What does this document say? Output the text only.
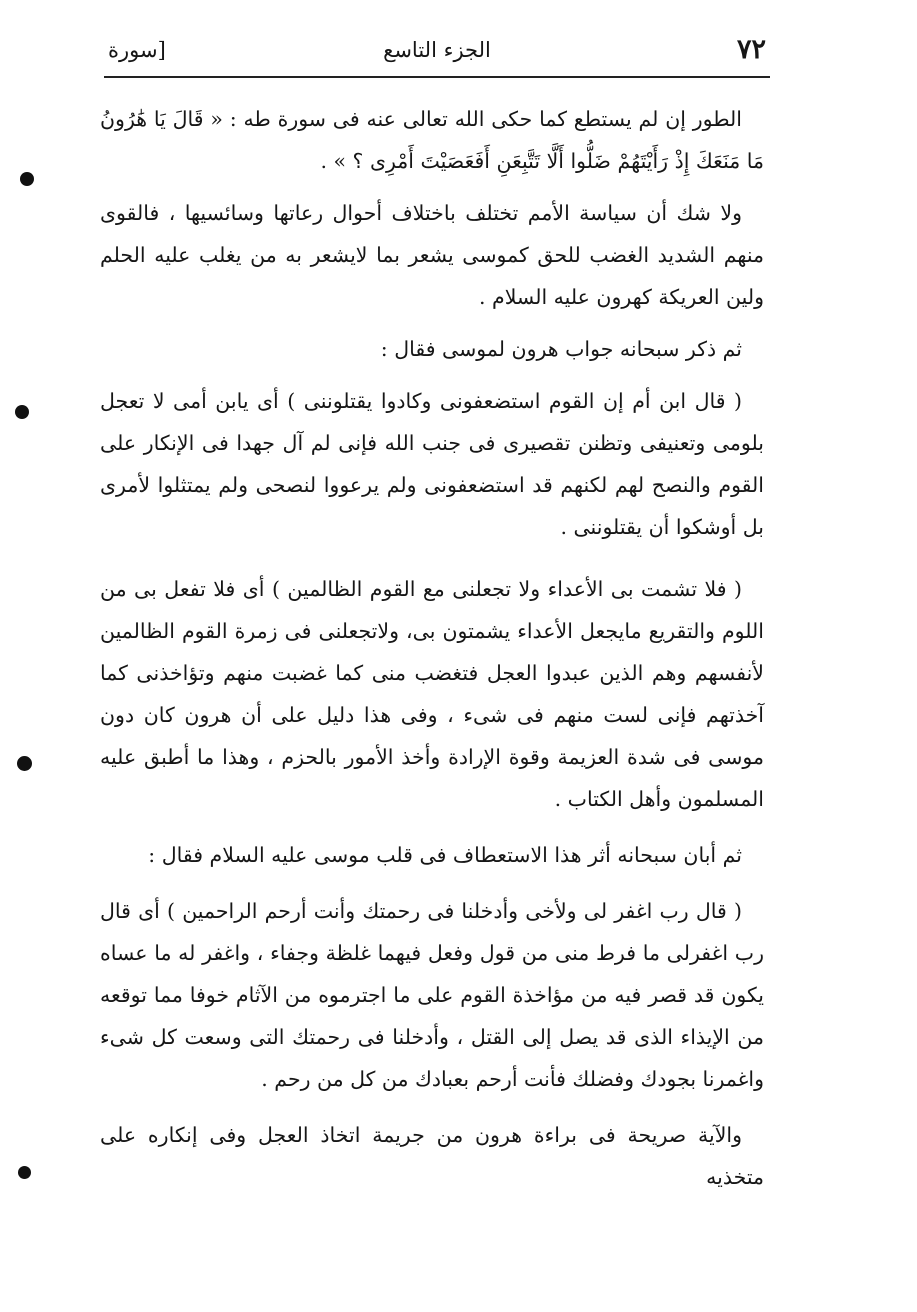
٧٢
الجزء التاسع
[سورة

الطور إن لم يستطع كما حكى الله تعالى عنه فى سورة طه : « قَالَ يَا هَٰرُونُ مَا مَنَعَكَ إِذْ رَأَيْتَهُمْ ضَلُّوا أَلَّا تَتَّبِعَنِ أَفَعَصَيْتَ أَمْرِى ؟ » .

ولا شك أن سياسة الأمم تختلف باختلاف أحوال رعاتها وسائسيها ، فالقوى منهم الشديد الغضب للحق كموسى يشعر بما لايشعر به من يغلب عليه الحلم ولين العريكة كهرون عليه السلام .

ثم ذكر سبحانه جواب هرون لموسى فقال :

( قال ابن أم إن القوم استضعفونى وكادوا يقتلوننى ) أى يابن أمى لا تعجل بلومى وتعنيفى وتظنن تقصيرى فى جنب الله فإنى لم آل جهدا فى الإنكار على القوم والنصح لهم لكنهم قد استضعفونى ولم يرعووا لنصحى ولم يمتثلوا لأمرى بل أوشكوا أن يقتلوننى .

( فلا تشمت بى الأعداء ولا تجعلنى مع القوم الظالمين ) أى فلا تفعل بى من اللوم والتقريع مايجعل الأعداء يشمتون بى، ولاتجعلنى فى زمرة القوم الظالمين لأنفسهم وهم الذين عبدوا العجل فتغضب منى كما غضبت منهم وتؤاخذنى كما آخذتهم فإنى لست منهم فى شىء ، وفى هذا دليل على أن هرون كان دون موسى فى شدة العزيمة وقوة الإرادة وأخذ الأمور بالحزم ، وهذا ما أطبق عليه المسلمون وأهل الكتاب .

ثم أبان سبحانه أثر هذا الاستعطاف فى قلب موسى عليه السلام فقال :

( قال رب اغفر لى ولأخى وأدخلنا فى رحمتك وأنت أرحم الراحمين ) أى قال رب اغفرلى ما فرط منى من قول وفعل فيهما غلظة وجفاء ، واغفر له ما عساه يكون قد قصر فيه من مؤاخذة القوم على ما اجترموه من الآثام خوفا مما توقعه من الإيذاء الذى قد يصل إلى القتل ، وأدخلنا فى رحمتك التى وسعت كل شىء واغمرنا بجودك وفضلك فأنت أرحم بعبادك من كل من رحم .

والآية صريحة فى براءة هرون من جريمة اتخاذ العجل وفى إنكاره على متخذيه
